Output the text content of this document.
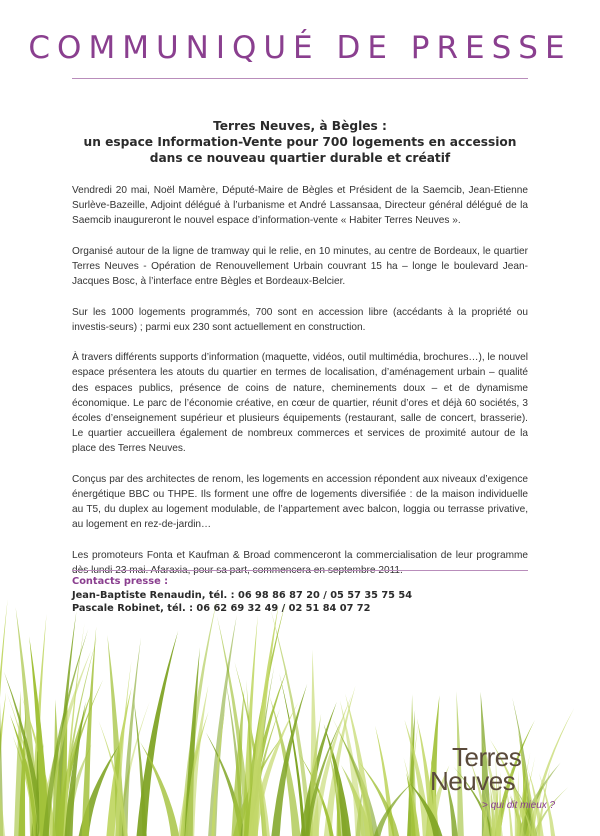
COMMUNIQUÉ DE PRESSE
Terres Neuves, à Bègles :
un espace Information-Vente pour 700 logements en accession
dans ce nouveau quartier durable et créatif

Vendredi 20 mai, Noël Mamère, Député-Maire de Bègles et Président de la Saemcib, Jean-Etienne Surlève-Bazeille, Adjoint délégué à l’urbanisme et André Lassansaa, Directeur général délégué de la Saemcib inaugureront le nouvel espace d’information-vente « Habiter Terres Neuves ».

Organisé autour de la ligne de tramway qui le relie, en 10 minutes, au centre de Bordeaux, le quartier Terres Neuves - Opération de Renouvellement Urbain couvrant 15 ha – longe le boulevard Jean-Jacques Bosc, à l’interface entre Bègles et Bordeaux-Belcier.

Sur les 1000 logements programmés, 700 sont en accession libre (accédants à la propriété ou investis-seurs) ; parmi eux 230 sont actuellement en construction.

À travers différents supports d’information (maquette, vidéos, outil multimédia, brochures…), le nouvel espace présentera les atouts du quartier en termes de localisation, d’aménagement urbain – qualité des espaces publics, présence de coins de nature, cheminements doux – et de dynamisme économique. Le parc de l’économie créative, en cœur de quartier, réunit d’ores et déjà 60 sociétés, 3 écoles d’enseignement supérieur et plusieurs équipements (restaurant, salle de concert, brasserie). Le quartier accueillera également de nombreux commerces et services de proximité autour de la place des Terres Neuves.

Conçus par des architectes de renom, les logements en accession répondent aux niveaux d’exigence énergétique BBC ou THPE. Ils forment une offre de logements diversifiée : de la maison individuelle au T5, du duplex au logement modulable, de l’appartement avec balcon, loggia ou terrasse privative, au logement en rez-de-jardin…

Les promoteurs Fonta et Kaufman & Broad commenceront la commercialisation de leur programme

Contacts presse :
Jean-Baptiste Renaudin, tél. : 06 98 86 87 20 / 05 57 35 75 54
Pascale Robinet, tél. : 06 62 69 32 49 / 02 51 84 07 72
Terres
Neuves
> qui dit mieux ?
